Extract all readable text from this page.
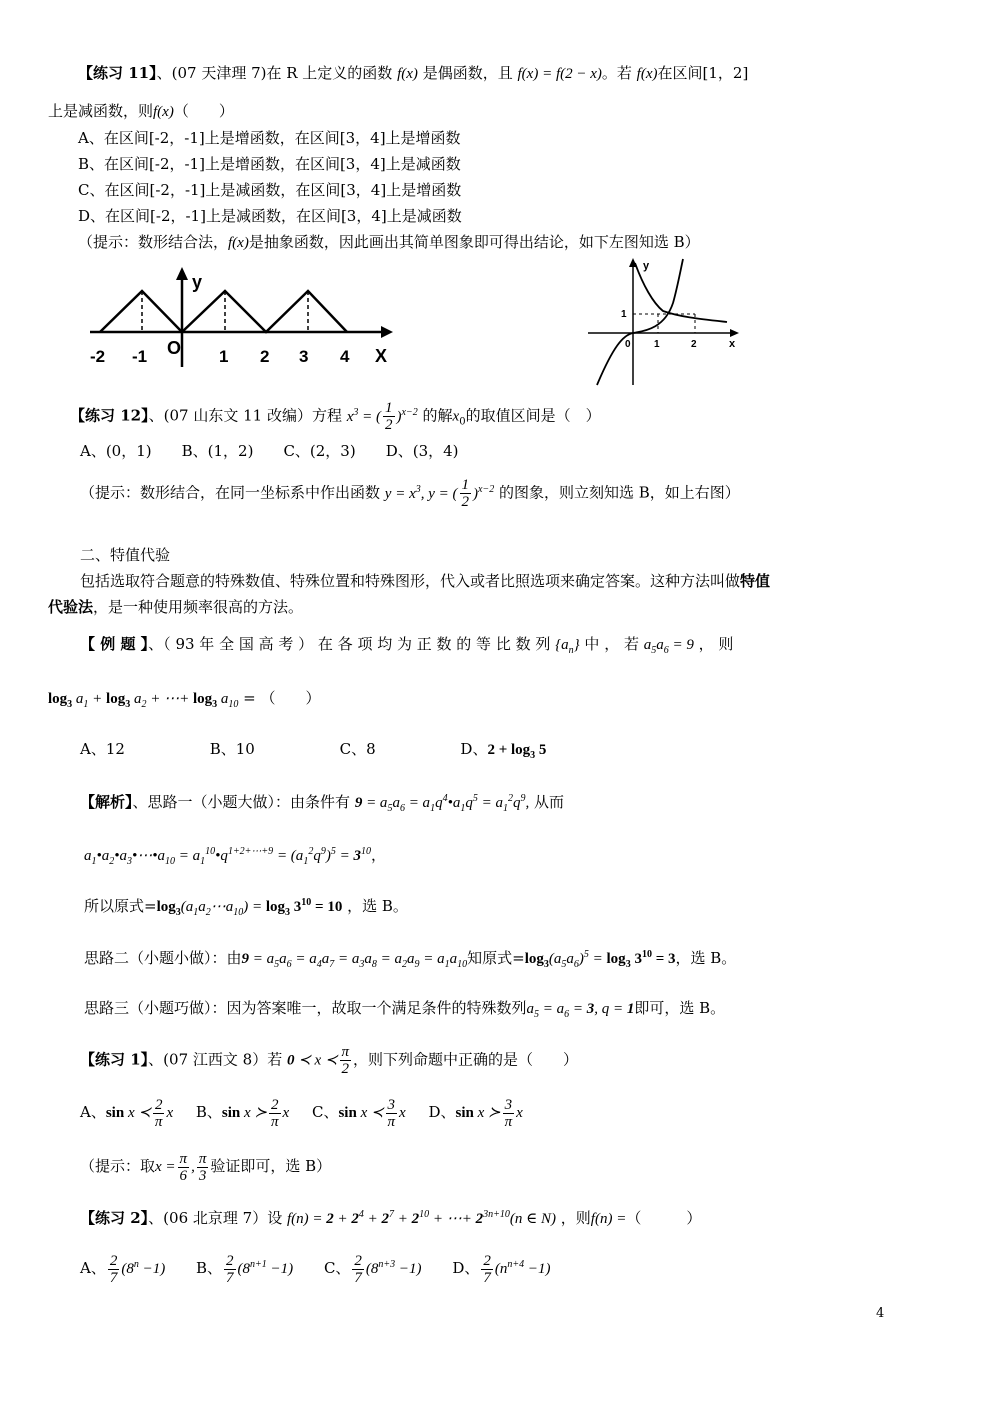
【练习 11】、(07 天津理 7)在 R 上定义的函数 f(x) 是偶函数，且 f(x) = f(2 − x)。若 f(x)在区间[1，2]
上是减函数，则f(x)（　　）
A、在区间[-2，-1]上是增函数，在区间[3，4]上是增函数
B、在区间[-2，-1]上是增函数，在区间[3，4]上是减函数
C、在区间[-2，-1]上是减函数，在区间[3，4]上是增函数
D、在区间[-2，-1]上是减函数，在区间[3，4]上是减函数
（提示：数形结合法，f(x)是抽象函数，因此画出其简单图象即可得出结论，如下左图知选 B）
y
O	X
-2 -1	1 2 3 4
y
1
0 1	2	x
【练习 12】、(07 山东文 11 改编）方程 $x^3$ = ( $\frac{1}{2} )^{x-2}$ 的解$x_0$的取值区间是（　）
A、(0，1)　　B、(1，2)　　C、(2，3)　　D、(3，4)
（提示：数形结合，在同一坐标系中作出函数 $y = x^3$, y = ( $\frac{1}{2} )^{x-2}$ 的图象，则立刻知选 B，如上右图）
二、特值代验
包括选取符合题意的特殊数值、特殊位置和特殊图形，代入或者比照选项来确定答案。这种方法叫做特值
代验法，是一种使用频率很高的方法。
【 例 题 】、（ 93 年 全 国 高 考 ） 在 各 项 均 为 正 数 的 等 比 数 列 $\{a_n\}$ 中 ， 若 $a_5a_6 = 9$ ， 则
$\log_3 a_1 + \log_3 a_2$ + ⋯+ $\log_3 a_{10}$ = （　　）
A、12	B、10	C、8	D、$2 + \log_3 5$
【解析】、思路一（小题大做）：由条件有 $9 = a_5a_6$ = $a_1q^4•a_1q^5 = a_1^2q^9$, 从而
$a_1•a_2•a_3•\cdots•a_{10}$ = $a_1^{10}•q^{1+2+\cdots+9} = (a_1^2q^9)^5 = 3^{10}$，
所以原式$=\log_3(a_1a_2\cdots a_{10}) = \log_3 3^{10} = 10$ ，选 B。
思路二（小题小做）：由$9 = a_5a_6 = a_4a_7 = a_3a_8 = a_2a_9 = a_1a_{10}$知原式$=\log_3(a_5a_6)^5 = \log_3 3^{10} = 3$，选 B。
思路三（小题巧做）：因为答案唯一，故取一个满足条件的特殊数列$a_5 = a_6 = 3$, q = 1即可，选 B。
【练习 1】、(07 江西文 8）若 0 ≺ x ≺ $\frac{\pi}{2}$ ，则下列命题中正确的是（　　）
A、sin x ≺ $\frac{2}{\pi}$ x B、sin x ≻ $\frac{2}{\pi}$ x C、sin x ≺ $\frac{3}{\pi}$ x D、sin x ≻ $\frac{3}{\pi}$ x
（提示：取$x = \frac{\pi}{6}$ , $\frac{\pi}{3}$ 验证即可，选 B）
【练习 2】、(06 北京理 7）设 $f(n) = 2 + 2^4 + 2^7 + 2^{10}$ + ⋯+ $2^{3n+10}(n$ ∈ N) ，则f(n) =（　　　）
A、 $\frac{2}{7} (8^n -1)$ B、 $\frac{2}{7} (8^{n+1} -1)$ C、 $\frac{2}{7} (8^{n+3} -1)$ D、 $\frac{2}{7} (n^{n+4} -1)$
4
